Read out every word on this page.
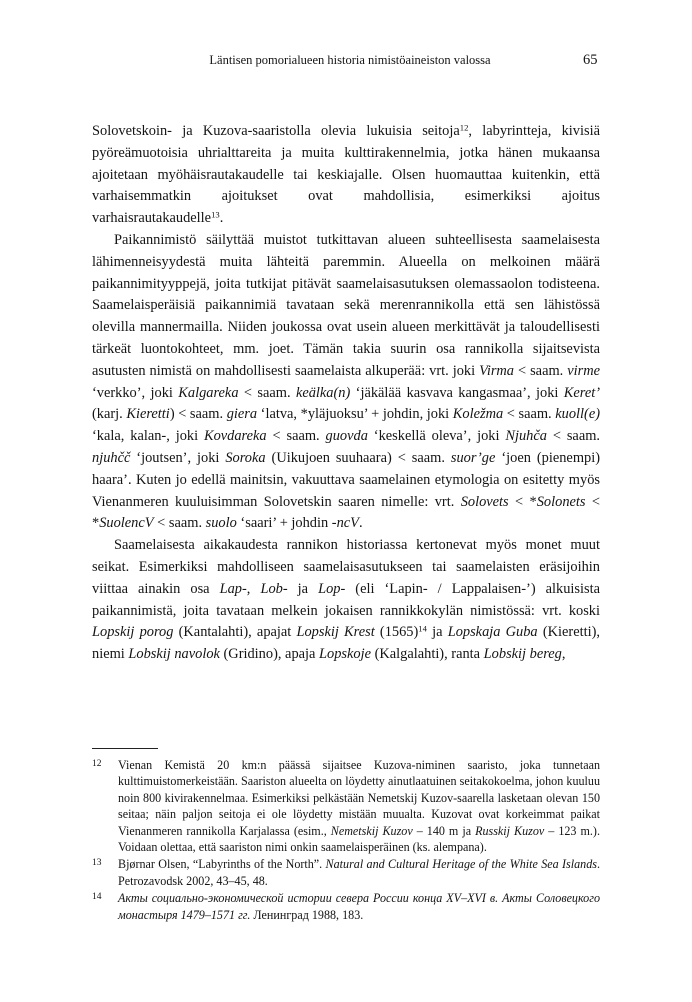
Läntisen pomorialueen historia nimistöaineiston valossa	65

Solovetskoin- ja Kuzova-saaristolla olevia lukuisia seitoja$^{12}$, labyrintteja, kivisiä pyöreämuotoisia uhrialttareita ja muita kulttirakennelmia, jotka hänen mukaansa ajoitetaan myöhäisrautakaudelle tai keskiajalle. Olsen huomauttaa kuitenkin, että varhaisemmatkin ajoitukset ovat mahdollisia, esimerkiksi ajoitus varhaisrautakaudelle$^{13}$.

Paikannimistö säilyttää muistot tutkittavan alueen suhteellisesta saamelaisesta lähimenneisyydestä muita lähteitä paremmin. Alueella on melkoinen määrä paikannimityyppejä, joita tutkijat pitävät saamelaisasutuksen olemassaolon todisteena. Saamelaisperäisiä paikannimiä tavataan sekä merenrannikolla että sen lähistössä olevilla mannermailla. Niiden joukossa ovat usein alueen merkittävät ja taloudellisesti tärkeät luontokohteet, mm. joet. Tämän takia suurin osa rannikolla sijaitsevista asutusten nimistä on mahdollisesti saamelaista alkuperää: vrt. joki Virma < saam. virme ‘verkko’, joki Kalgareka < saam. keälka(n) ‘jäkälää kasvava kangasmaa’, joki Keret’ (karj. Kieretti) < saam. giera ‘latva, *yläjuoksu’ + johdin, joki Koležma < saam. kuoll(e) ‘kala, kalan-, joki Kovdareka < saam. guovda ‘keskellä oleva’, joki Njuhča < saam. njuhčč ‘joutsen’, joki Soroka (Uikujoen suuhaara) < saam. suor’ge ‘joen (pienempi) haara’. Kuten jo edellä mainitsin, vakuuttava saamelainen etymologia on esitetty myös Vienanmeren kuuluisimman Solovetskin saaren nimelle: vrt. Solovets < *Solonets < *SuolencV < saam. suolo ‘saari’ + johdin -ncV.

Saamelaisesta aikakaudesta rannikon historiassa kertonevat myös monet muut seikat. Esimerkiksi mahdolliseen saamelaisasutukseen tai saamelaisten eräsijoihin viittaa ainakin osa Lap-, Lob- ja Lop- (eli ‘Lapin- / Lappalaisen-’) alkuisista paikannimistä, joita tavataan melkein jokaisen rannikkokylän nimistössä: vrt. koski Lopskij porog (Kantalahti), apajat Lopskij Krest $(1565)^{14}$ ja Lopskaja Guba (Kieretti), niemi Lobskij navolok (Gridino), apaja Lopskoje (Kalgalahti), ranta Lobskij bereg,

12	Vienan Kemistä 20 km:n päässä sijaitsee Kuzova-niminen saaristo, joka tunnetaan kulttimuistomerkeistään. Saariston alueelta on löydetty ainutlaatuinen seitakokoelma, johon kuuluu noin 800 kivirakennelmaa. Esimerkiksi pelkästään Nemetskij Kuzov-saarella lasketaan olevan 150 seitaa; näin paljon seitoja ei ole löydetty mistään muualta. Kuzovat ovat korkeimmat paikat Vienanmeren rannikolla Karjalassa (esim., Nemetskij Kuzov – 140 m ja Russkij Kuzov – 123 m.). Voidaan olettaa, että saariston nimi onkin saamelaisperäinen (ks. alempana).
13	Bjørnar Olsen, “Labyrinths of the North”. Natural and Cultural Heritage of the White Sea Islands. Petrozavodsk 2002, 43–45, 48.
14	Акты социально-экономической истории севера России конца XV–XVI в. Акты Соловецкого монастыря 1479–1571 гг. Ленинград 1988, 183.
